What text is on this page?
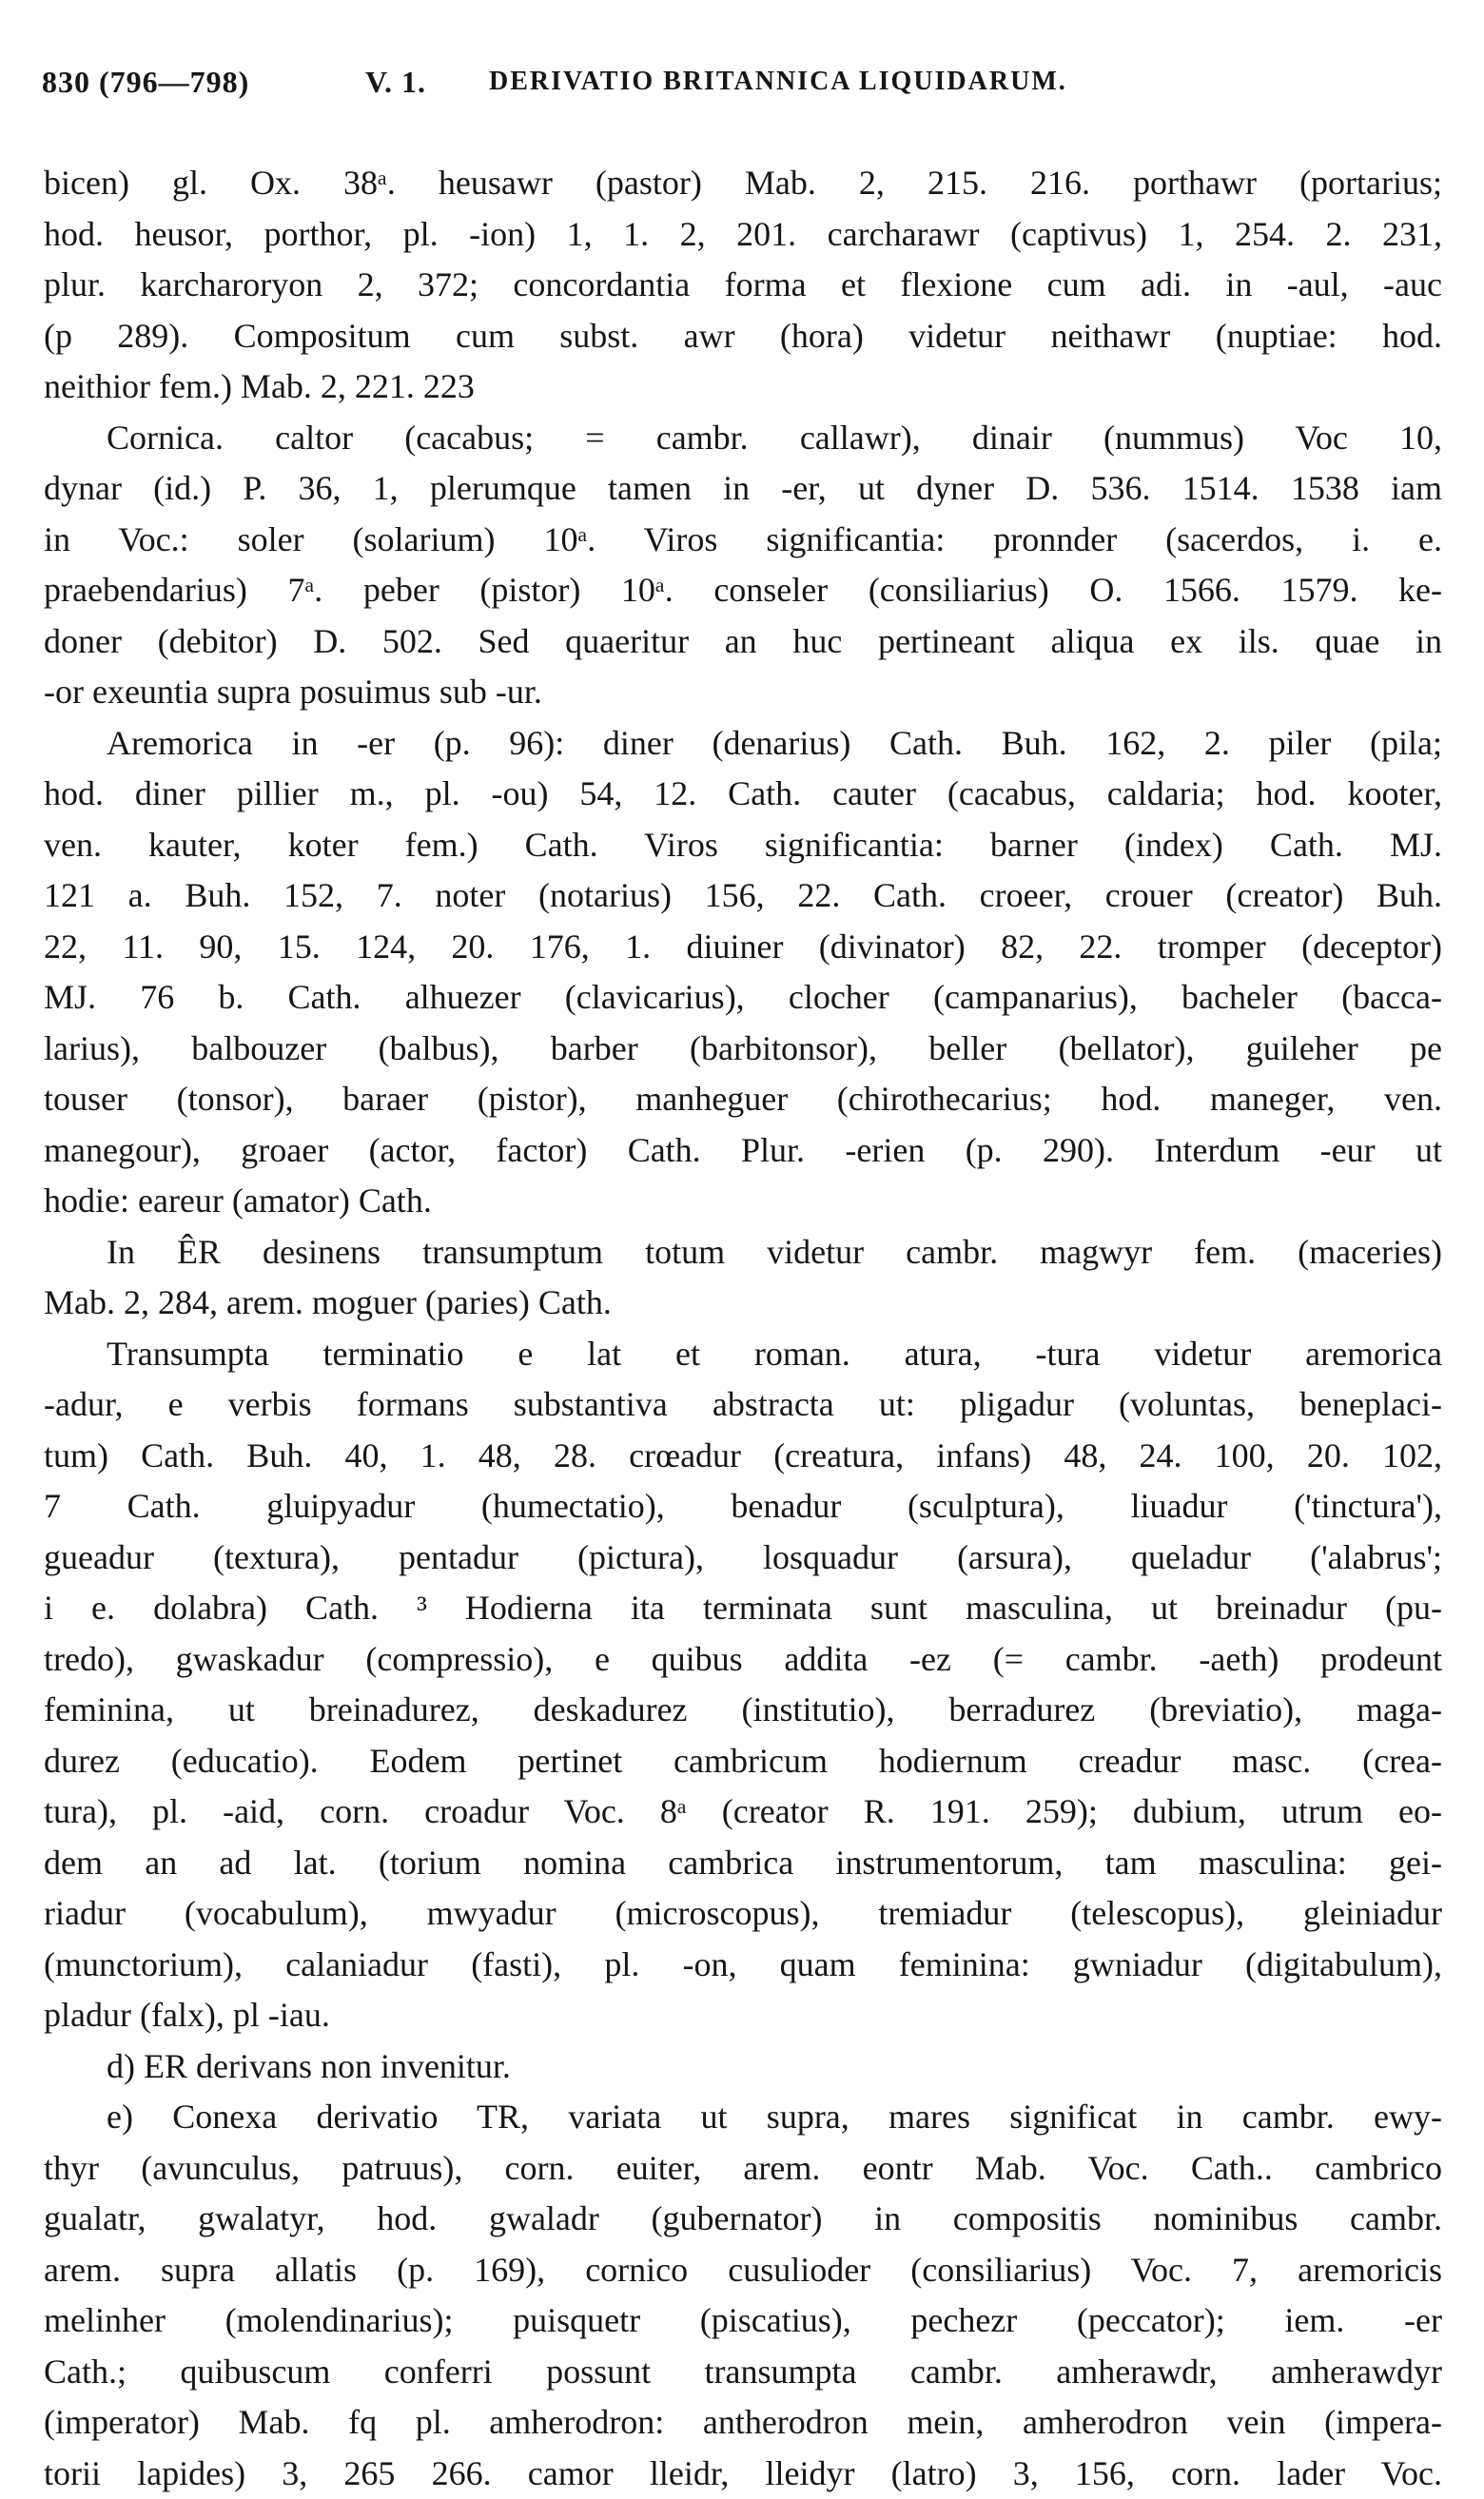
830 (796—798)	V. 1. DERIVATIO BRITANNICA LIQUIDARUM.
bicen) gl. Ox. 38ᵃ. heusawr (pastor) Mab. 2, 215. 216. porthawr (portarius;
hod. heusor, porthor, pl. -ion) 1, 1. 2, 201. carcharawr (captivus) 1, 254. 2. 231,
plur. karcharoryon 2, 372; concordantia forma et flexione cum adi. in -aul, -auc
(p 289). Compositum cum subst. awr (hora) videtur neithawr (nuptiae: hod.
neithior fem.) Mab. 2, 221. 223
Cornica. caltor (cacabus; = cambr. callawr), dinair (nummus) Voc 10,
dynar (id.) P. 36, 1, plerumque tamen in -er, ut dyner D. 536. 1514. 1538 iam
in Voc.: soler (solarium) 10ᵃ. Viros significantia: pronnder (sacerdos, i. e.
praebendarius) 7ᵃ. peber (pistor) 10ᵃ. conseler (consiliarius) O. 1566. 1579. ke-
doner (debitor) D. 502. Sed quaeritur an huc pertineant aliqua ex ils. quae in
-or exeuntia supra posuimus sub -ur.
Aremorica in -er (p. 96): diner (denarius) Cath. Buh. 162, 2. piler (pila;
hod. diner pillier m., pl. -ou) 54, 12. Cath. cauter (cacabus, caldaria; hod. kooter,
ven. kauter, koter fem.) Cath. Viros significantia: barner (index) Cath. MJ.
121 a. Buh. 152, 7. noter (notarius) 156, 22. Cath. croeer, crouer (creator) Buh.
22, 11. 90, 15. 124, 20. 176, 1. diuiner (divinator) 82, 22. tromper (deceptor)
MJ. 76 b. Cath. alhuezer (clavicarius), clocher (campanarius), bacheler (bacca-
larius), balbouzer (balbus), barber (barbitonsor), beller (bellator), guileher pe
touser (tonsor), baraer (pistor), manheguer (chirothecarius; hod. maneger, ven.
manegour), groaer (actor, factor) Cath. Plur. -erien (p. 290). Interdum -eur ut
hodie: eareur (amator) Cath.
In ÊR desinens transumptum totum videtur cambr. magwyr fem. (maceries)
Mab. 2, 284, arem. moguer (paries) Cath.
Transumpta terminatio e lat et roman. atura, -tura videtur aremorica
-adur, e verbis formans substantiva abstracta ut: pligadur (voluntas, beneplaci-
tum) Cath. Buh. 40, 1. 48, 28. crœadur (creatura, infans) 48, 24. 100, 20. 102,
7 Cath. gluipyadur (humectatio), benadur (sculptura), liuadur ('tinctura'),
gueadur (textura), pentadur (pictura), losquadur (arsura), queladur ('alabrus';
i e. dolabra) Cath. ³ Hodierna ita terminata sunt masculina, ut breinadur (pu-
tredo), gwaskadur (compressio), e quibus addita -ez (= cambr. -aeth) prodeunt
feminina, ut breinadurez, deskadurez (institutio), berradurez (breviatio), maga-
durez (educatio). Eodem pertinet cambricum hodiernum creadur masc. (crea-
tura), pl. -aid, corn. croadur Voc. 8ᵃ (creator R. 191. 259); dubium, utrum eo-
dem an ad lat. (torium nomina cambrica instrumentorum, tam masculina: gei-
riadur (vocabulum), mwyadur (microscopus), tremiadur (telescopus), gleiniadur
(munctorium), calaniadur (fasti), pl. -on, quam feminina: gwniadur (digitabulum),
pladur (falx), pl -iau.
d) ER derivans non invenitur.
e) Conexa derivatio TR, variata ut supra, mares significat in cambr. ewy-
thyr (avunculus, patruus), corn. euiter, arem. eontr Mab. Voc. Cath.. cambrico
gualatr, gwalatyr, hod. gwaladr (gubernator) in compositis nominibus cambr.
arem. supra allatis (p. 169), cornico cusulioder (consiliarius) Voc. 7, aremoricis
melinher (molendinarius); puisquetr (piscatius), pechezr (peccator); iem. -er
Cath.; quibuscum conferri possunt transumpta cambr. amherawdr, amherawdyr
(imperator) Mab. fq pl. amherodron: antherodron mein, amherodron vein (impera-
torii lapides) 3, 265 266. camor lleidr, lleidyr (latro) 3, 156, corn. lader Voc.
